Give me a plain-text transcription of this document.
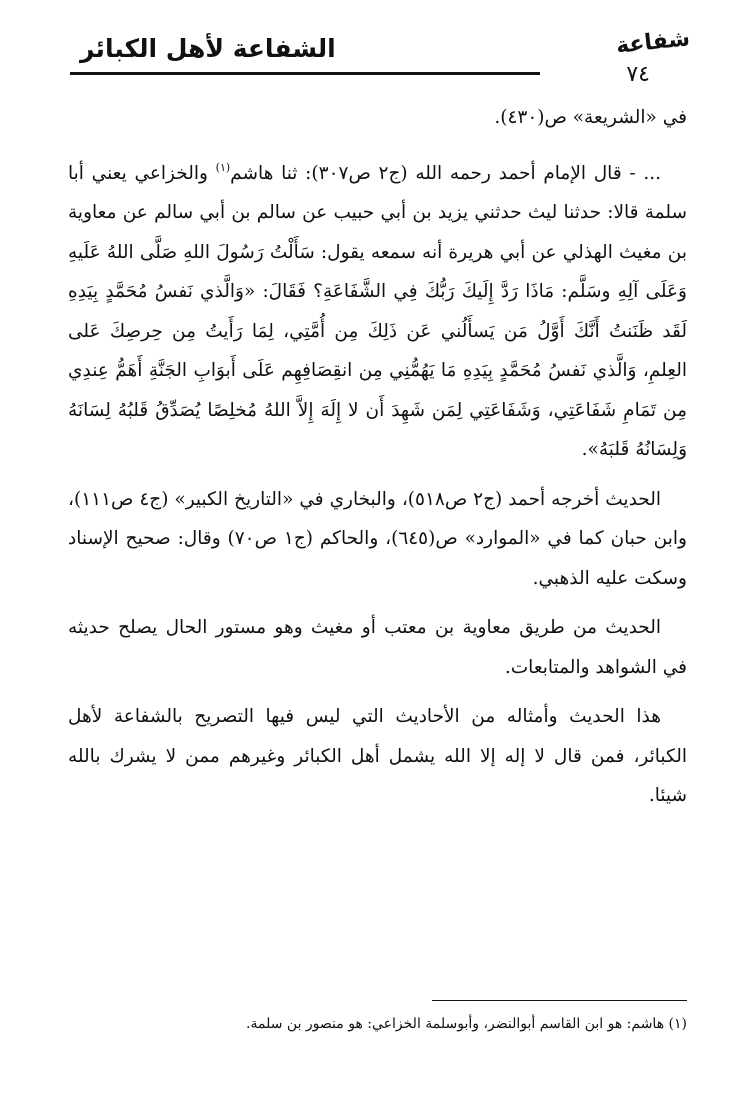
الشفاعة لأهل الكبائر	شفاعة
٧٤

في «الشريعة» ص(٤٣٠).

... - قال الإمام أحمد رحمه الله (ج٢ ص٣٠٧): ثنا هاشم$^{(١)}$ والخزاعي يعني أبا سلمة قالا: حدثنا ليث حدثني يزيد بن أبي حبيب عن سالم بن أبي سالم عن معاوية بن مغيث الهذلي عن أبي هريرة أنه سمعه يقول: سَأَلْتُ رَسُولَ اللهِ صَلَّى اللهُ عَلَيهِ وَعَلَى آلِهِ وسَلَّم: مَاذَا رَدَّ إِلَيكَ رَبُّكَ فِي الشَّفَاعَةِ؟ فَقَالَ: «وَالَّذي نَفسُ مُحَمَّدٍ بِيَدِهِ لَقَد ظَنَنتُ أَنَّكَ أَوَّلُ مَن يَسأَلُني عَن ذَلِكَ مِن أُمَّتِي، لِمَا رَأَيتُ مِن حِرصِكَ عَلى العِلمِ، وَالَّذي نَفسُ مُحَمَّدٍ بِيَدِهِ مَا يَهُمُّنِي مِن انقِصَافِهِم عَلَى أَبوَابِ الجَنَّةِ أَهَمُّ عِندِي مِن تَمَامِ شَفَاعَتِي، وَشَفَاعَتِي لِمَن شَهِدَ أَن لا إِلَهَ إِلاَّ اللهُ مُخلِصًا يُصَدِّقُ قَلبُهُ لِسَانَهُ وَلِسَانُهُ قَلبَهُ».

الحديث أخرجه أحمد (ج٢ ص٥١٨)، والبخاري في «التاريخ الكبير» (ج٤ ص١١١)، وابن حبان كما في «الموارد» ص(٦٤٥)، والحاكم (ج١ ص٧٠) وقال: صحيح الإسناد وسكت عليه الذهبي.

الحديث من طريق معاوية بن معتب أو مغيث وهو مستور الحال يصلح حديثه في الشواهد والمتابعات.

هذا الحديث وأمثاله من الأحاديث التي ليس فيها التصريح بالشفاعة لأهل الكبائر، فمن قال لا إله إلا الله يشمل أهل الكبائر وغيرهم ممن لا يشرك بالله شيئا.

(١) هاشم: هو ابن القاسم أبوالنضر، وأبوسلمة الخزاعي: هو منصور بن سلمة.
